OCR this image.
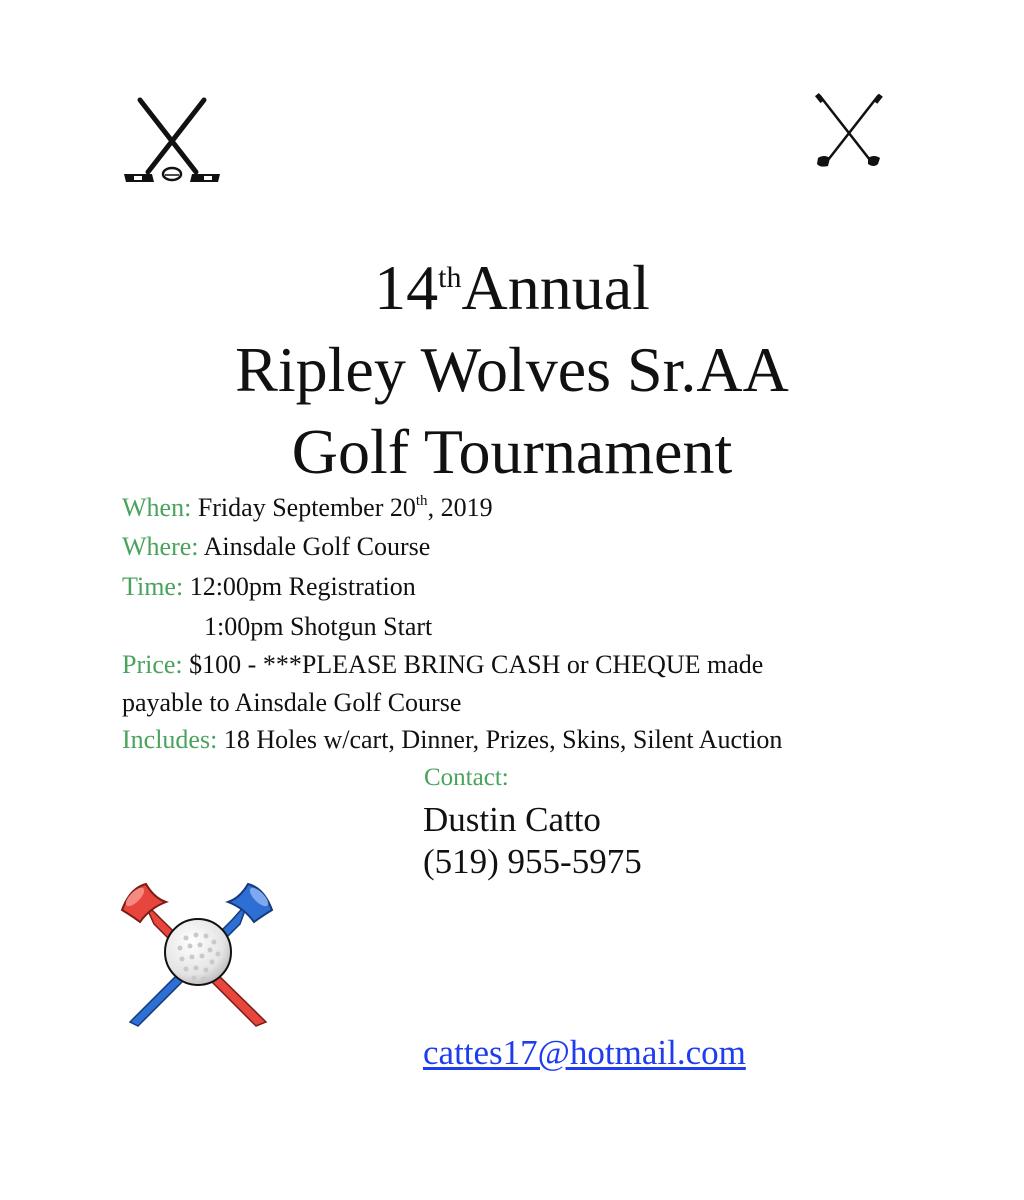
14thAnnual
Ripley Wolves Sr.AA
Golf Tournament
When: Friday September 20th, 2019
Where: Ainsdale Golf Course
Time: 12:00pm Registration
1:00pm Shotgun Start
Price: $100 - ***PLEASE BRING CASH or CHEQUE made
payable to Ainsdale Golf Course
Includes: 18 Holes w/cart, Dinner, Prizes, Skins, Silent Auction
Contact:
Dustin Catto
(519) 955-5975
cattes17@hotmail.com
